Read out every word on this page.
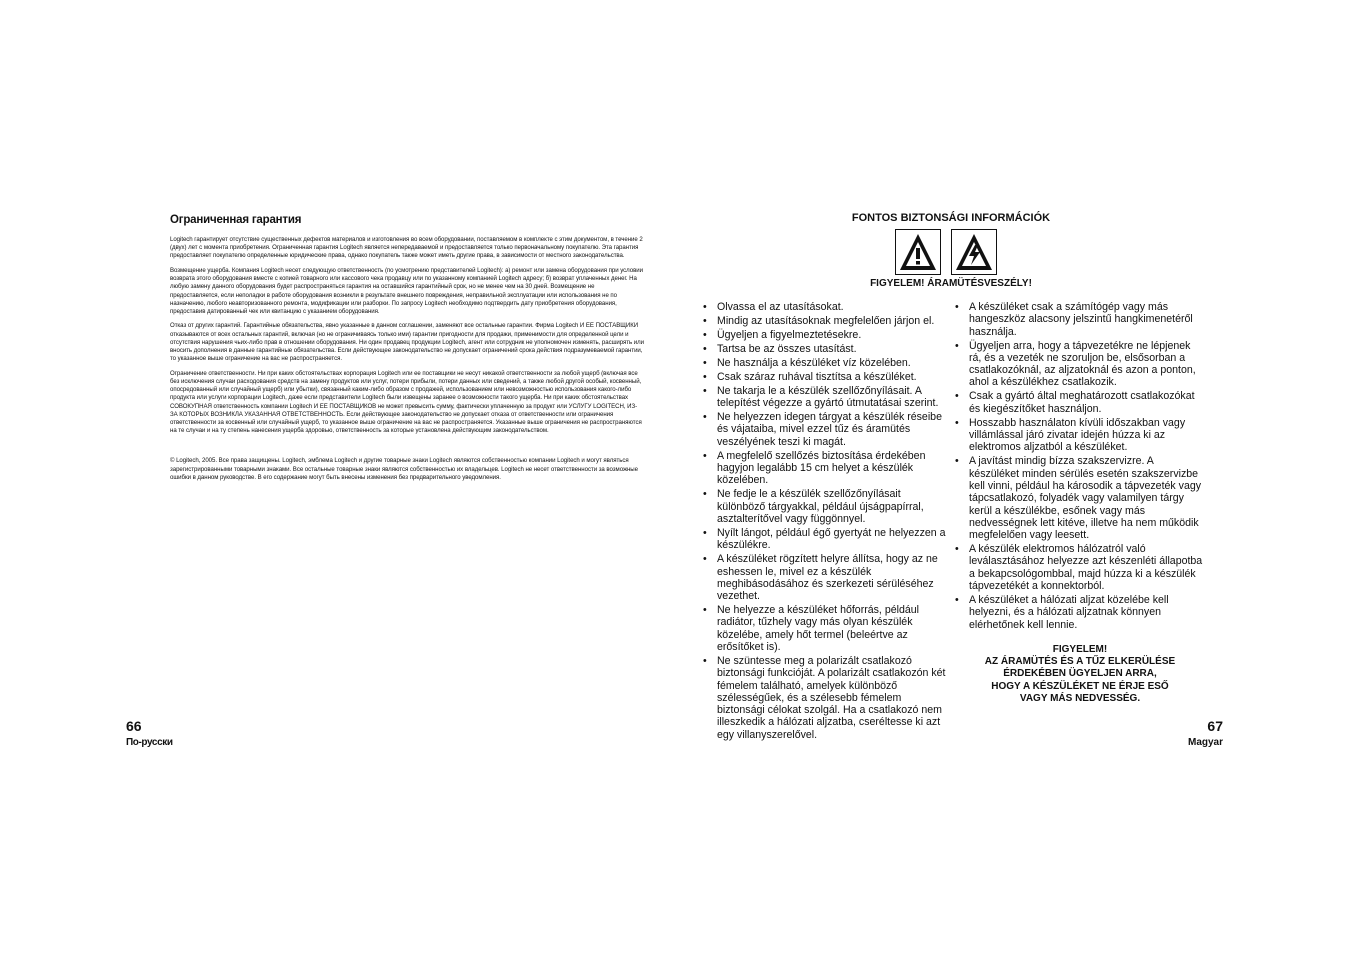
Ограниченная гарантия

Logitech гарантирует отсутствие существенных дефектов материалов и изготовления во всем оборудовании, поставляемом в комплекте с этим документом, в течение 2 (двух) лет с момента приобретения. Ограниченная гарантия Logitech является непередаваемой и предоставляется только первоначальному покупателю. Эта гарантия предоставляет покупателю определенные юридические права, однако покупатель также может иметь другие права, в зависимости от местного законодательства.

Возмещение ущерба. Компания Logitech несет следующую ответственность (по усмотрению представителей Logitech): а) ремонт или замена оборудования при условии возврата этого оборудования вместе с копией товарного или кассового чека продавцу или по указанному компанией Logitech адресу; б) возврат уплаченных денег. На любую замену данного оборудования будет распространяться гарантия на оставшийся гарантийный срок, но не менее чем на 30 дней. Возмещение не предоставляется, если неполадки в работе оборудования возникли в результате внешнего повреждения, неправильной эксплуатации или использования не по назначению, любого неавторизованного ремонта, модификации или разборки. По запросу Logitech необходимо подтвердить дату приобретения оборудования, предоставив датированный чек или квитанцию с указанием оборудования.

Отказ от других гарантий. Гарантийные обязательства, явно указанные в данном соглашении, заменяют все остальные гарантии. Фирма Logitech И ЕЕ ПОСТАВЩИКИ отказываются от всех остальных гарантий, включая (но не ограничиваясь только ими) гарантии пригодности для продажи, применимости для определенной цели и отсутствия нарушения чьих-либо прав в отношении оборудования. Ни один продавец продукции Logitech, агент или сотрудник не уполномочен изменять, расширять или вносить дополнения в данные гарантийные обязательства. Если действующее законодательство не допускает ограничений срока действия подразумеваемой гарантии, то указанное выше ограничение на вас не распространяется.

Ограничение ответственности. Ни при каких обстоятельствах корпорация Logitech или ее поставщики не несут никакой ответственности за любой ущерб (включая все без исключения случаи расходования средств на замену продуктов или услуг, потери прибыли, потери данных или сведений, а также любой другой особый, косвенный, опосредованный или случайный ущерб) или убытки), связанный каким-либо образом с продажей, использованием или невозможностью использования какого-либо продукта или услуги корпорации Logitech, даже если представители Logitech были извещены заранее о возможности такого ущерба. Ни при каких обстоятельствах СОВОКУПНАЯ ответственность компании Logitech И ЕЕ ПОСТАВЩИКОВ не может превысить сумму, фактически уплаченную за продукт или УСЛУГУ LOGITECH, ИЗ-ЗА КОТОРЫХ ВОЗНИКЛА УКАЗАННАЯ ОТВЕТСТВЕННОСТЬ. Если действующее законодательство не допускает отказа от ответственности или ограничения ответственности за косвенный или случайный ущерб, то указанное выше ограничение на вас не распространяется. Указанные выше ограничения не распространяются на те случаи и на ту степень нанесения ущерба здоровью, ответственность за которые установлена действующим законодательством.

© Logitech, 2005. Все права защищены. Logitech, эмблема Logitech и другие товарные знаки Logitech являются собственностью компании Logitech и могут являться зарегистрированными товарными знаками. Все остальные товарные знаки являются собственностью их владельцев. Logitech не несет ответственности за возможные ошибки в данном руководстве. В его содержание могут быть внесены изменения без предварительного уведомления.

66
По-русски
FONTOS BIZTONSÁGI INFORMÁCIÓK
FIGYELEM! ÁRAMÜTÉSVESZÉLY!
• Olvassa el az utasításokat.
• Mindig az utasításoknak megfelelően járjon el.
• Ügyeljen a figyelmeztetésekre.
• Tartsa be az összes utasítást.
• Ne használja a készüléket víz közelében.
• Csak száraz ruhával tisztítsa a készüléket.
• Ne takarja le a készülék szellőzőnyílásait. A telepítést végezze a gyártó útmutatásai szerint.
• Ne helyezzen idegen tárgyat a készülék réseibe és vájataiba, mivel ezzel tűz és áramütés veszélyének teszi ki magát.
• A megfelelő szellőzés biztosítása érdekében hagyjon legalább 15 cm helyet a készülék közelében.
• Ne fedje le a készülék szellőzőnyílásait különböző tárgyakkal, például újságpapírral, asztalterítővel vagy függönnyel.
• Nyílt lángot, például égő gyertyát ne helyezzen a készülékre.
• A készüléket rögzített helyre állítsa, hogy az ne eshessen le, mivel ez a készülék meghibásodásához és szerkezeti sérüléséhez vezethet.
• Ne helyezze a készüléket hőforrás, például radiátor, tűzhely vagy más olyan készülék közelébe, amely hőt termel (beleértve az erősítőket is).
• Ne szüntesse meg a polarizált csatlakozó biztonsági funkcióját. A polarizált csatlakozón két fémelem található, amelyek különböző szélességűek, és a szélesebb fémelem biztonsági célokat szolgál. Ha a csatlakozó nem illeszkedik a hálózati aljzatba, cseréltesse ki azt egy villanyszerelővel.
• A készüléket csak a számítógép vagy más hangeszköz alacsony jelszintű hangkimenetéről használja.
• Ügyeljen arra, hogy a tápvezetékre ne lépjenek rá, és a vezeték ne szoruljon be, elsősorban a csatlakozóknál, az aljzatoknál és azon a ponton, ahol a készülékhez csatlakozik.
• Csak a gyártó által meghatározott csatlakozókat és kiegészítőket használjon.
• Hosszabb használaton kívüli időszakban vagy villámlással járó zivatar idején húzza ki az elektromos aljzatból a készüléket.
• A javítást mindig bízza szakszervizre. A készüléket minden sérülés esetén szakszervizbe kell vinni, például ha károsodik a tápvezeték vagy tápcsatlakozó, folyadék vagy valamilyen tárgy kerül a készülékbe, esőnek vagy más nedvességnek lett kitéve, illetve ha nem működik megfelelően vagy leesett.
• A készülék elektromos hálózatról való leválasztásához helyezze azt készenléti állapotba a bekapcsológombbal, majd húzza ki a készülék tápvezetékét a konnektorból.
• A készüléket a hálózati aljzat közelébe kell helyezni, és a hálózati aljzatnak könnyen elérhetőnek kell lennie.
FIGYELEM!
AZ ÁRAMÜTÉS ÉS A TŰZ ELKERÜLÉSE
ÉRDEKÉBEN ÜGYELJEN ARRA,
HOGY A KÉSZÜLÉKET NE ÉRJE ESŐ
VAGY MÁS NEDVESSÉG.
67
Magyar
